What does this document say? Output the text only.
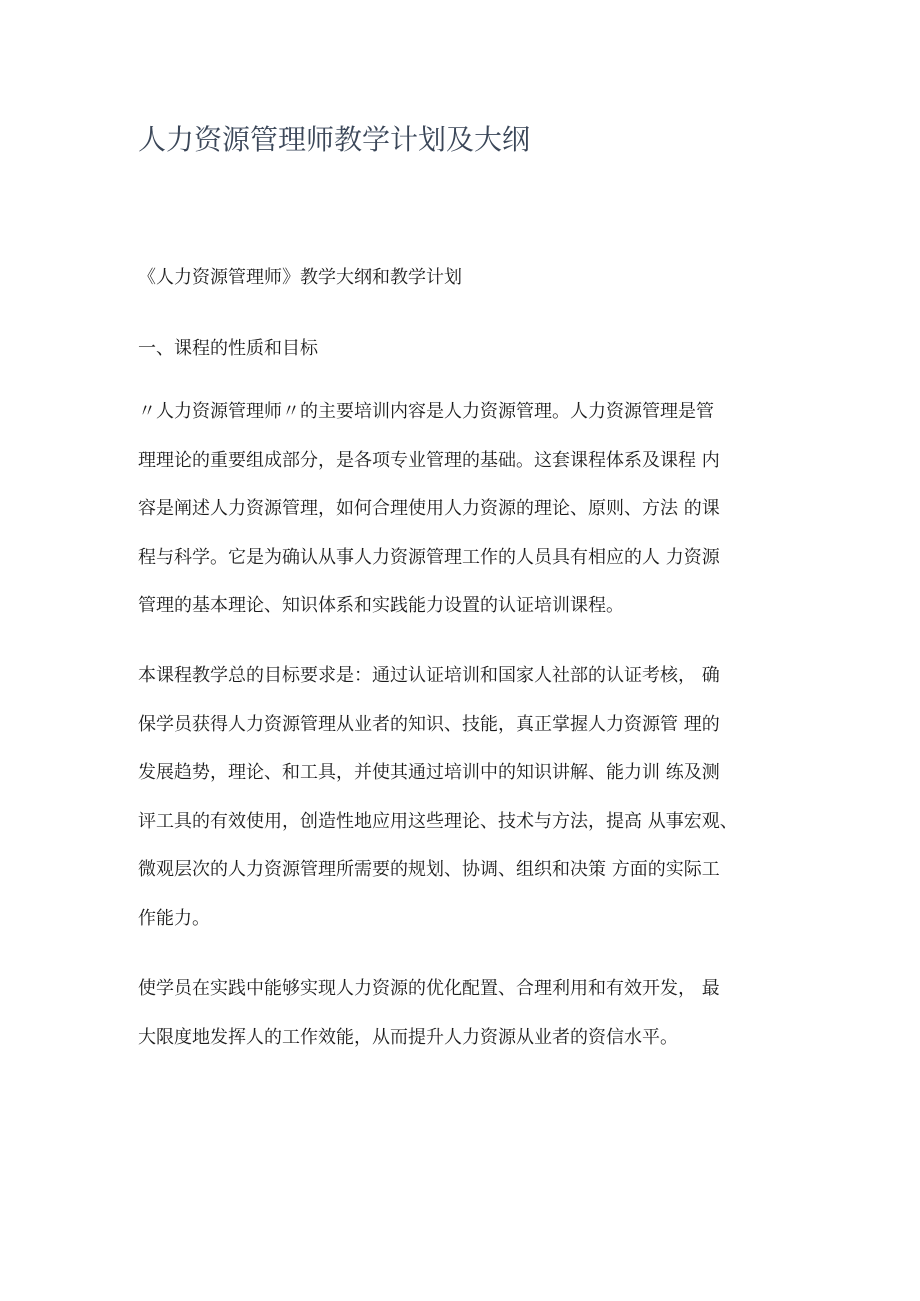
人力资源管理师教学计划及大纲

《人力资源管理师》教学大纲和教学计划

一、课程的性质和目标

〃人力资源管理师〃的主要培训内容是人力资源管理。人力资源管理是管
理理论的重要组成部分，是各项专业管理的基础。这套课程体系及课程 内
容是阐述人力资源管理，如何合理使用人力资源的理论、原则、方法 的课
程与科学。它是为确认从事人力资源管理工作的人员具有相应的人 力资源
管理的基本理论、知识体系和实践能力设置的认证培训课程。
本课程教学总的目标要求是：通过认证培训和国家人社部的认证考核， 确
保学员获得人力资源管理从业者的知识、技能，真正掌握人力资源管 理的
发展趋势，理论、和工具，并使其通过培训中的知识讲解、能力训 练及测
评工具的有效使用，创造性地应用这些理论、技术与方法，提高 从事宏观、
微观层次的人力资源管理所需要的规划、协调、组织和决策 方面的实际工
作能力。
使学员在实践中能够实现人力资源的优化配置、合理利用和有效开发， 最
大限度地发挥人的工作效能，从而提升人力资源从业者的资信水平。
